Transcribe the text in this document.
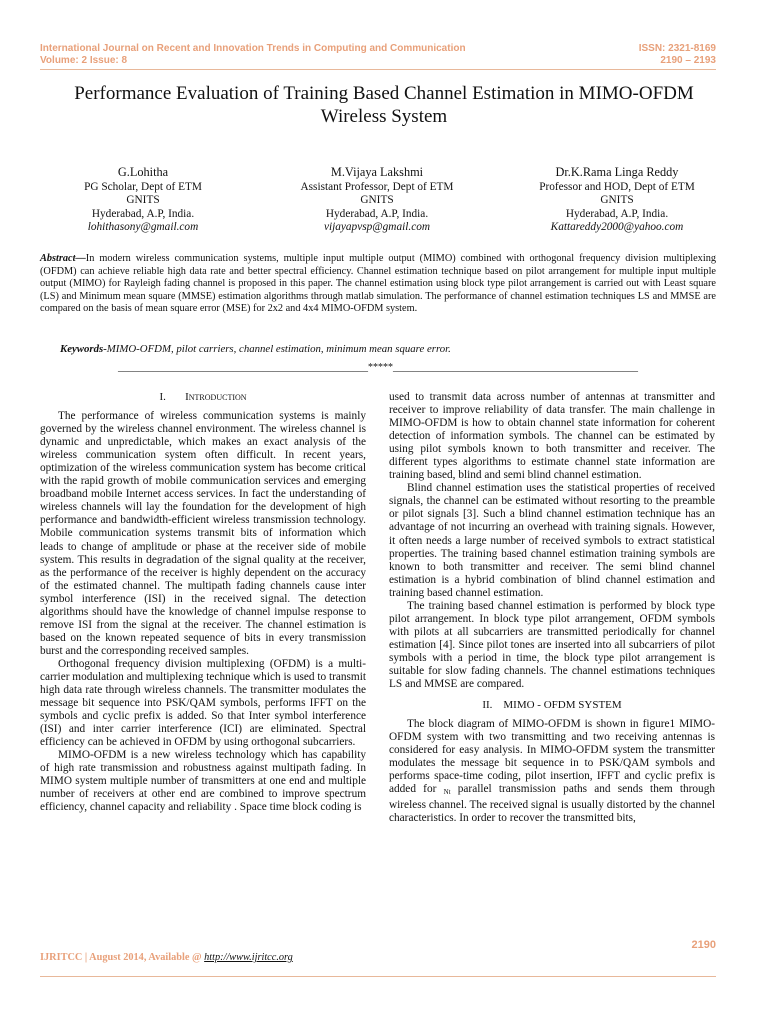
International Journal on Recent and Innovation Trends in Computing and Communication
Volume: 2 Issue: 8
ISSN: 2321-8169
2190 – 2193
Performance Evaluation of Training Based Channel Estimation in MIMO-OFDM
Wireless System
G.Lohitha
PG Scholar, Dept of ETM
GNITS
Hyderabad, A.P, India.
lohithasony@gmail.com
M.Vijaya Lakshmi
Assistant Professor, Dept of ETM
GNITS
Hyderabad, A.P, India.
vijayapvsp@gmail.com
Dr.K.Rama Linga Reddy
Professor and HOD, Dept of ETM
GNITS
Hyderabad, A.P, India.
Kattareddy2000@yahoo.com
Abstract—In modern wireless communication systems, multiple input multiple output (MIMO) combined with orthogonal frequency division multiplexing (OFDM) can achieve reliable high data rate and better spectral efficiency. Channel estimation technique based on pilot arrangement for multiple input multiple output (MIMO) for Rayleigh fading channel is proposed in this paper. The channel estimation using block type pilot arrangement is carried out with Least square (LS) and Minimum mean square (MMSE) estimation algorithms through matlab simulation. The performance of channel estimation techniques LS and MMSE are compared on the basis of mean square error (MSE) for 2x2 and 4x4 MIMO-OFDM system.
Keywords-MIMO-OFDM, pilot carriers, channel estimation, minimum mean square error.
__________________________________________________*****_________________________________________________
I. Introduction

The performance of wireless communication systems is mainly governed by the wireless channel environment. The wireless channel is dynamic and unpredictable, which makes an exact analysis of the wireless communication system often difficult. In recent years, optimization of the wireless communication system has become critical with the rapid growth of mobile communication services and emerging broadband mobile Internet access services. In fact the understanding of wireless channels will lay the foundation for the development of high performance and bandwidth-efficient wireless transmission technology. Mobile communication systems transmit bits of information which leads to change of amplitude or phase at the receiver side of mobile system. This results in degradation of the signal quality at the receiver, as the performance of the receiver is highly dependent on the accuracy of the estimated channel. The multipath fading channels cause inter symbol interference (ISI) in the received signal. The detection algorithms should have the knowledge of channel impulse response to remove ISI from the signal at the receiver. The channel estimation is based on the known repeated sequence of bits in every transmission burst and the corresponding received samples.

Orthogonal frequency division multiplexing (OFDM) is a multi-carrier modulation and multiplexing technique which is used to transmit high data rate through wireless channels. The transmitter modulates the message bit sequence into PSK/QAM symbols, performs IFFT on the symbols and cyclic prefix is added. So that Inter symbol interference (ISI) and inter carrier interference (ICI) are eliminated. Spectral efficiency can be achieved in OFDM by using orthogonal subcarriers.

MIMO-OFDM is a new wireless technology which has capability of high rate transmission and robustness against multipath fading. In MIMO system multiple number of transmitters at one end and multiple number of receivers at other end are combined to improve spectrum efficiency, channel capacity and reliability . Space time block coding is

used to transmit data across number of antennas at transmitter and receiver to improve reliability of data transfer. The main challenge in MIMO-OFDM is how to obtain channel state information for coherent detection of information symbols. The channel can be estimated by using pilot symbols known to both transmitter and receiver. The different types algorithms to estimate channel state information are training based, blind and semi blind channel estimation.

Blind channel estimation uses the statistical properties of received signals, the channel can be estimated without resorting to the preamble or pilot signals [3]. Such a blind channel estimation technique has an advantage of not incurring an overhead with training signals. However, it often needs a large number of received symbols to extract statistical properties. The training based channel estimation training symbols are known to both transmitter and receiver. The semi blind channel estimation is a hybrid combination of blind channel estimation and training based channel estimation.

The training based channel estimation is performed by block type pilot arrangement. In block type pilot arrangement, OFDM symbols with pilots at all subcarriers are transmitted periodically for channel estimation [4]. Since pilot tones are inserted into all subcarriers of pilot symbols with a period in time, the block type pilot arrangement is suitable for slow fading channels. The channel estimations techniques LS and MMSE are compared.

II. MIMO - OFDM SYSTEM

The block diagram of MIMO-OFDM is shown in figure1 MIMO-OFDM system with two transmitting and two receiving antennas is considered for easy analysis. In MIMO-OFDM system the transmitter modulates the message bit sequence in to PSK/QAM symbols and performs space-time coding, pilot insertion, IFFT and cyclic prefix is added for $_{Nt}$ parallel transmission paths and sends them through wireless channel. The received signal is usually distorted by the channel characteristics. In order to recover the transmitted bits,

2190
IJRITCC | August 2014, Available @ http://www.ijritcc.org
